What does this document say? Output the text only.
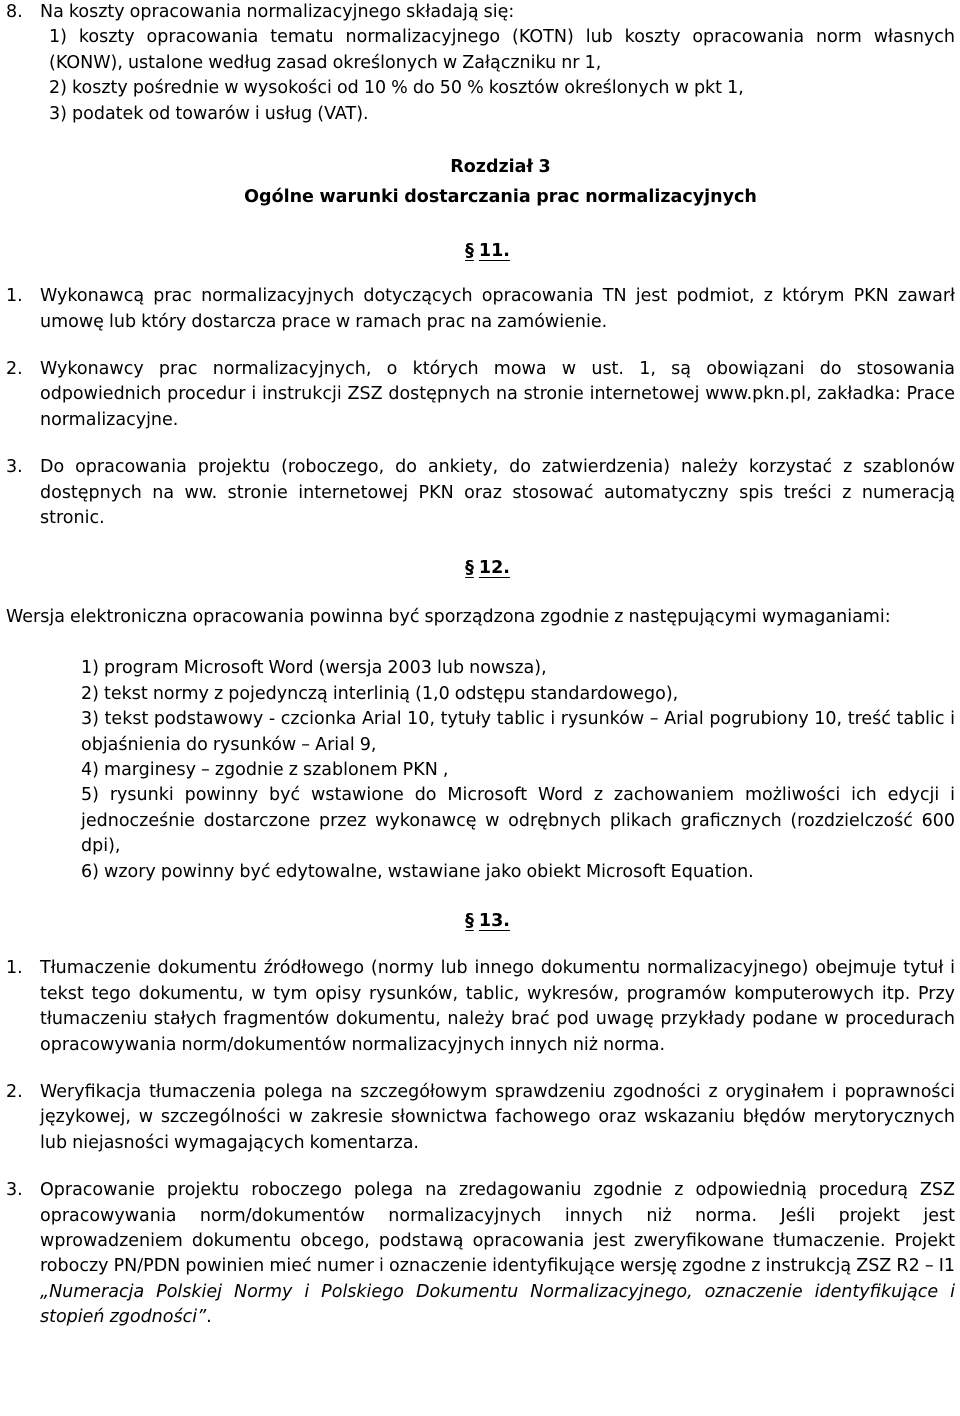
8. Na koszty opracowania normalizacyjnego składają się:
1) koszty opracowania tematu normalizacyjnego (KOTN) lub koszty opracowania norm własnych (KONW), ustalone według zasad określonych w Załączniku nr 1,
2) koszty pośrednie w wysokości od 10 % do 50 % kosztów określonych w pkt 1,
3) podatek od towarów i usług (VAT).
Rozdział 3
Ogólne warunki dostarczania prac normalizacyjnych
§ 11.
1. Wykonawcą prac normalizacyjnych dotyczących opracowania TN jest podmiot, z którym PKN zawarł umowę lub który dostarcza prace w ramach prac na zamówienie.
2. Wykonawcy prac normalizacyjnych, o których mowa w ust. 1, są obowiązani do stosowania odpowiednich procedur i instrukcji ZSZ dostępnych na stronie internetowej www.pkn.pl, zakładka: Prace normalizacyjne.
3. Do opracowania projektu (roboczego, do ankiety, do zatwierdzenia) należy korzystać z szablonów dostępnych na ww. stronie internetowej PKN oraz stosować automatyczny spis treści z numeracją stronic.
§ 12.
Wersja elektroniczna opracowania powinna być sporządzona zgodnie z następującymi wymaganiami:
1) program Microsoft Word (wersja 2003 lub nowsza),
2) tekst normy z pojedynczą interlinią (1,0 odstępu standardowego),
3) tekst podstawowy - czcionka Arial 10, tytuły tablic i rysunków – Arial pogrubiony 10, treść tablic i objaśnienia do rysunków – Arial 9,
4) marginesy – zgodnie z szablonem PKN ,
5) rysunki powinny być wstawione do Microsoft Word z zachowaniem możliwości ich edycji i jednocześnie dostarczone przez wykonawcę w odrębnych plikach graficznych (rozdzielczość 600 dpi),
6) wzory powinny być edytowalne, wstawiane jako obiekt Microsoft Equation.
§ 13.
1. Tłumaczenie dokumentu źródłowego (normy lub innego dokumentu normalizacyjnego) obejmuje tytuł i tekst tego dokumentu, w tym opisy rysunków, tablic, wykresów, programów komputerowych itp. Przy tłumaczeniu stałych fragmentów dokumentu, należy brać pod uwagę przykłady podane w procedurach opracowywania norm/dokumentów normalizacyjnych innych niż norma.
2. Weryfikacja tłumaczenia polega na szczegółowym sprawdzeniu zgodności z oryginałem i poprawności językowej, w szczególności w zakresie słownictwa fachowego oraz wskazaniu błędów merytorycznych lub niejasności wymagających komentarza.
3. Opracowanie projektu roboczego polega na zredagowaniu zgodnie z odpowiednią procedurą ZSZ opracowywania norm/dokumentów normalizacyjnych innych niż norma. Jeśli projekt jest wprowadzeniem dokumentu obcego, podstawą opracowania jest zweryfikowane tłumaczenie. Projekt roboczy PN/PDN powinien mieć numer i oznaczenie identyfikujące wersję zgodne z instrukcją ZSZ R2 – I1 „Numeracja Polskiej Normy i Polskiego Dokumentu Normalizacyjnego, oznaczenie identyfikujące i stopień zgodności”.
